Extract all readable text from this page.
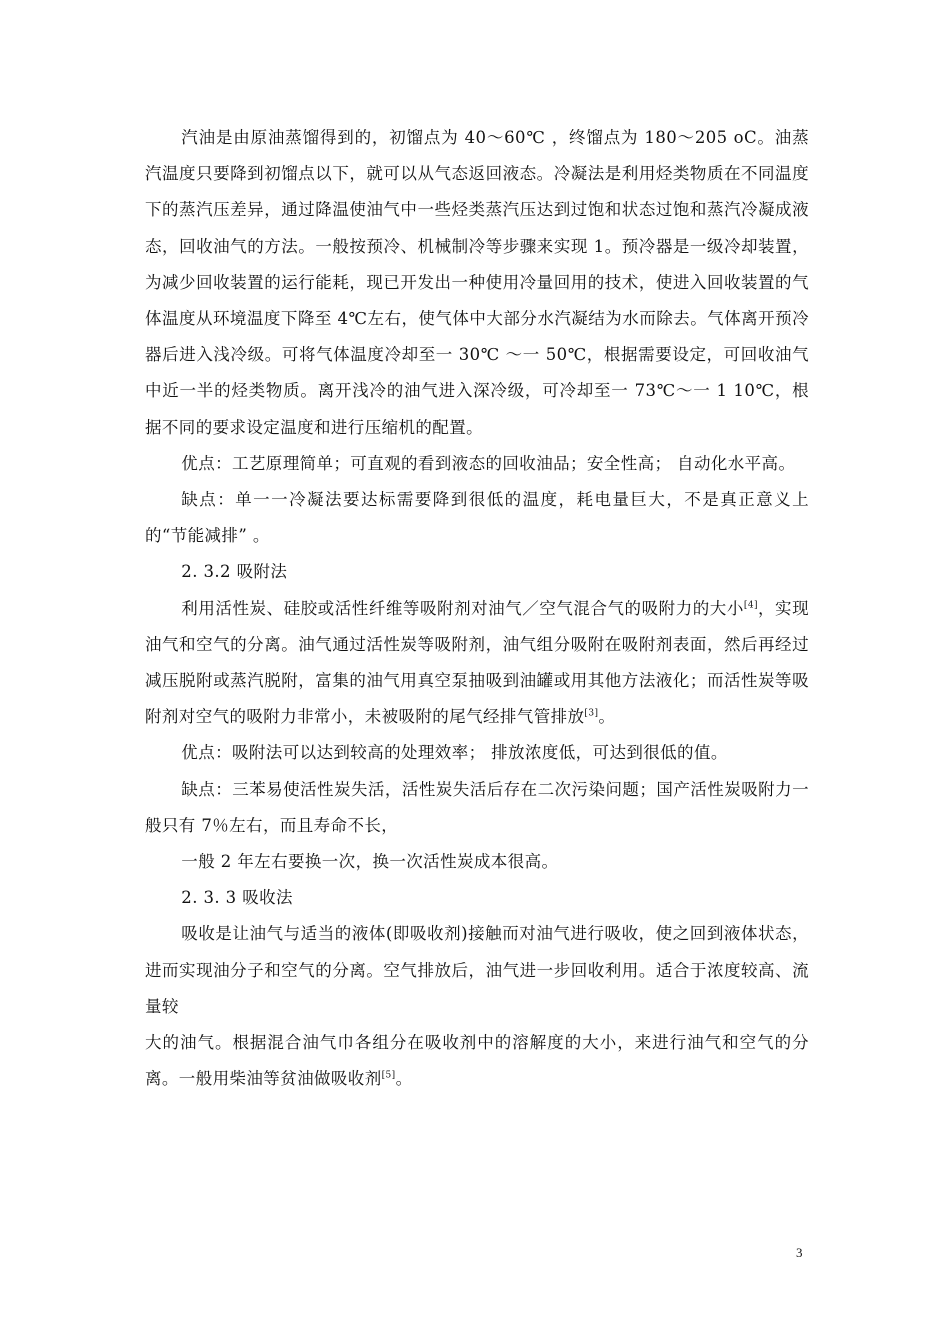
汽油是由原油蒸馏得到的，初馏点为 40～60℃ ，终馏点为 180～205 oC。油蒸汽温度只要降到初馏点以下，就可以从气态返回液态。冷凝法是利用烃类物质在不同温度下的蒸汽压差异，通过降温使油气中一些烃类蒸汽压达到过饱和状态过饱和蒸汽冷凝成液态，回收油气的方法。一般按预冷、机械制冷等步骤来实现 1。预冷器是一级冷却装置，为减少回收装置的运行能耗，现已开发出一种使用冷量回用的技术，使进入回收装置的气体温度从环境温度下降至 4℃左右，使气体中大部分水汽凝结为水而除去。气体离开预冷器后进入浅冷级。可将气体温度冷却至一 30℃ ～一 50℃，根据需要设定，可回收油气中近一半的烃类物质。离开浅冷的油气进入深冷级，可冷却至一 73℃～一 1 10℃，根据不同的要求设定温度和进行压缩机的配置。

优点：工艺原理简单；可直观的看到液态的回收油品；安全性高； 自动化水平高。

缺点：单一一冷凝法要达标需要降到很低的温度，耗电量巨大，不是真正意义上的“节能减排” 。

2. 3.2 吸附法

利用活性炭、硅胶或活性纤维等吸附剂对油气／空气混合气的吸附力的大小[4]，实现油气和空气的分离。油气通过活性炭等吸附剂，油气组分吸附在吸附剂表面，然后再经过减压脱附或蒸汽脱附，富集的油气用真空泵抽吸到油罐或用其他方法液化；而活性炭等吸附剂对空气的吸附力非常小，未被吸附的尾气经排气管排放[3]。

优点：吸附法可以达到较高的处理效率； 排放浓度低，可达到很低的值。

缺点：三苯易使活性炭失活，活性炭失活后存在二次污染问题；国产活性炭吸附力一般只有 7％左右，而且寿命不长，

一般 2 年左右要换一次，换一次活性炭成本很高。

2. 3. 3 吸收法

吸收是让油气与适当的液体(即吸收剂)接触而对油气进行吸收，使之回到液体状态，进而实现油分子和空气的分离。空气排放后，油气进一步回收利用。适合于浓度较高、流量较

大的油气。根据混合油气巾各组分在吸收剂中的溶解度的大小，来进行油气和空气的分离。一般用柴油等贫油做吸收剂[5]。

3
